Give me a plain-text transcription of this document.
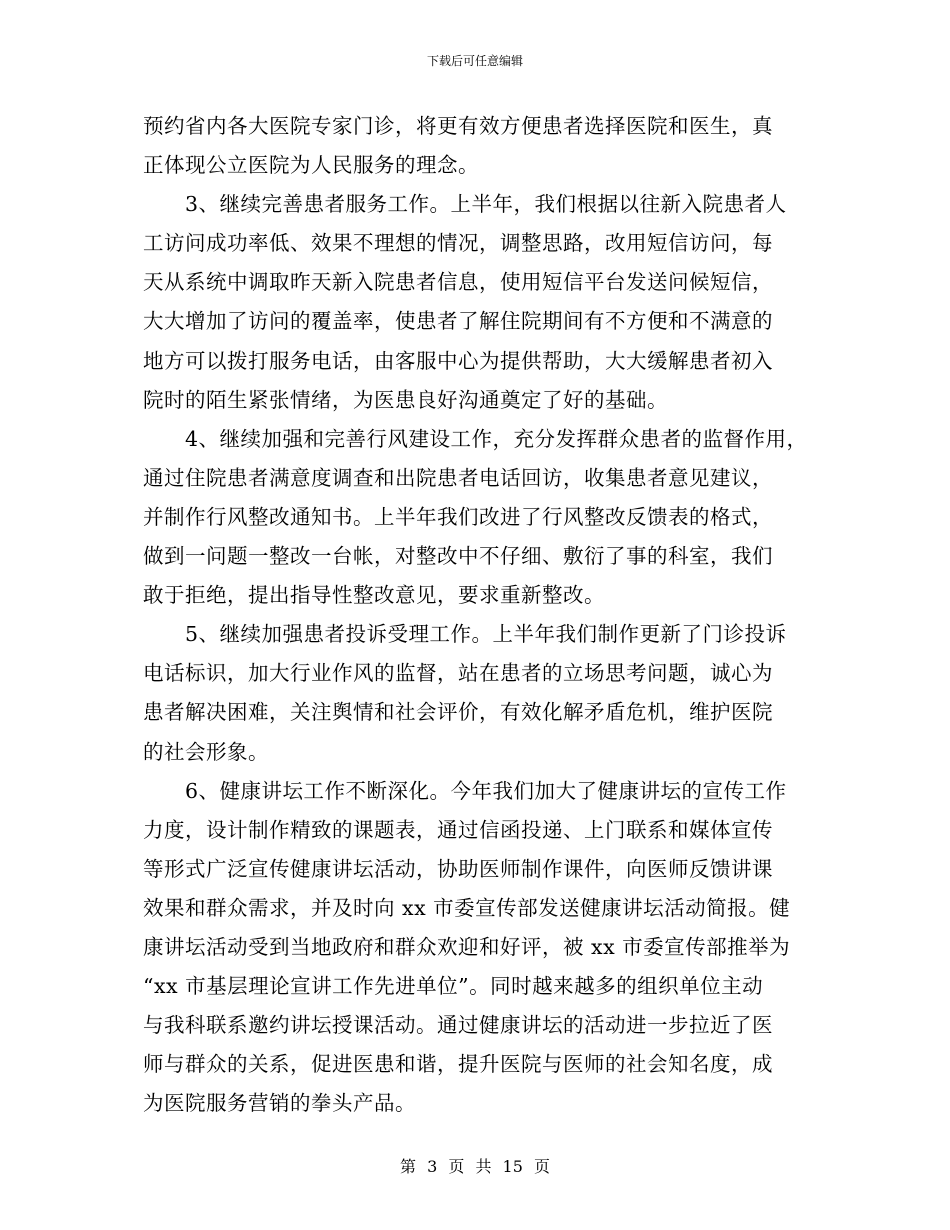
下载后可任意编辑
预约省内各大医院专家门诊，将更有效方便患者选择医院和医生，真
正体现公立医院为人民服务的理念。
3、继续完善患者服务工作。上半年，我们根据以往新入院患者人
工访问成功率低、效果不理想的情况，调整思路，改用短信访问，每
天从系统中调取昨天新入院患者信息，使用短信平台发送问候短信，
大大增加了访问的覆盖率，使患者了解住院期间有不方便和不满意的
地方可以拨打服务电话，由客服中心为提供帮助，大大缓解患者初入
院时的陌生紧张情绪，为医患良好沟通奠定了好的基础。
4、继续加强和完善行风建设工作，充分发挥群众患者的监督作用，
通过住院患者满意度调查和出院患者电话回访，收集患者意见建议，
并制作行风整改通知书。上半年我们改进了行风整改反馈表的格式，
做到一问题一整改一台帐，对整改中不仔细、敷衍了事的科室，我们
敢于拒绝，提出指导性整改意见，要求重新整改。
5、继续加强患者投诉受理工作。上半年我们制作更新了门诊投诉
电话标识，加大行业作风的监督，站在患者的立场思考问题，诚心为
患者解决困难，关注舆情和社会评价，有效化解矛盾危机，维护医院
的社会形象。
6、健康讲坛工作不断深化。今年我们加大了健康讲坛的宣传工作
力度，设计制作精致的课题表，通过信函投递、上门联系和媒体宣传
等形式广泛宣传健康讲坛活动，协助医师制作课件，向医师反馈讲课
效果和群众需求，并及时向 xx 市委宣传部发送健康讲坛活动简报。健
康讲坛活动受到当地政府和群众欢迎和好评，被 xx 市委宣传部推举为
“xx 市基层理论宣讲工作先进单位”。同时越来越多的组织单位主动
与我科联系邀约讲坛授课活动。通过健康讲坛的活动进一步拉近了医
师与群众的关系，促进医患和谐，提升医院与医师的社会知名度，成
为医院服务营销的拳头产品。
第 3 页 共 15 页
